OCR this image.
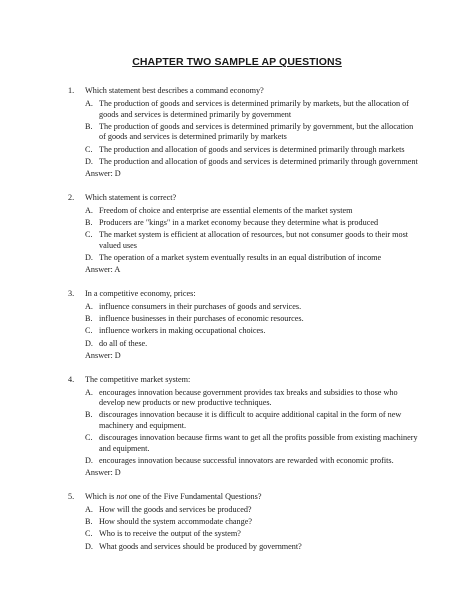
CHAPTER TWO SAMPLE AP QUESTIONS
1. Which statement best describes a command economy?
A. The production of goods and services is determined primarily by markets, but the allocation of goods and services is determined primarily by government
B. The production of goods and services is determined primarily by government, but the allocation of goods and services is determined primarily by markets
C. The production and allocation of goods and services is determined primarily through markets
D. The production and allocation of goods and services is determined primarily through government
Answer: D
2. Which statement is correct?
A. Freedom of choice and enterprise are essential elements of the market system
B. Producers are "kings" in a market economy because they determine what is produced
C. The market system is efficient at allocation of resources, but not consumer goods to their most valued uses
D. The operation of a market system eventually results in an equal distribution of income
Answer: A
3. In a competitive economy, prices:
A. influence consumers in their purchases of goods and services.
B. influence businesses in their purchases of economic resources.
C. influence workers in making occupational choices.
D. do all of these.
Answer: D
4. The competitive market system:
A. encourages innovation because government provides tax breaks and subsidies to those who develop new products or new productive techniques.
B. discourages innovation because it is difficult to acquire additional capital in the form of new machinery and equipment.
C. discourages innovation because firms want to get all the profits possible from existing machinery and equipment.
D. encourages innovation because successful innovators are rewarded with economic profits.
Answer: D
5. Which is not one of the Five Fundamental Questions?
A. How will the goods and services be produced?
B. How should the system accommodate change?
C. Who is to receive the output of the system?
D. What goods and services should be produced by government?
